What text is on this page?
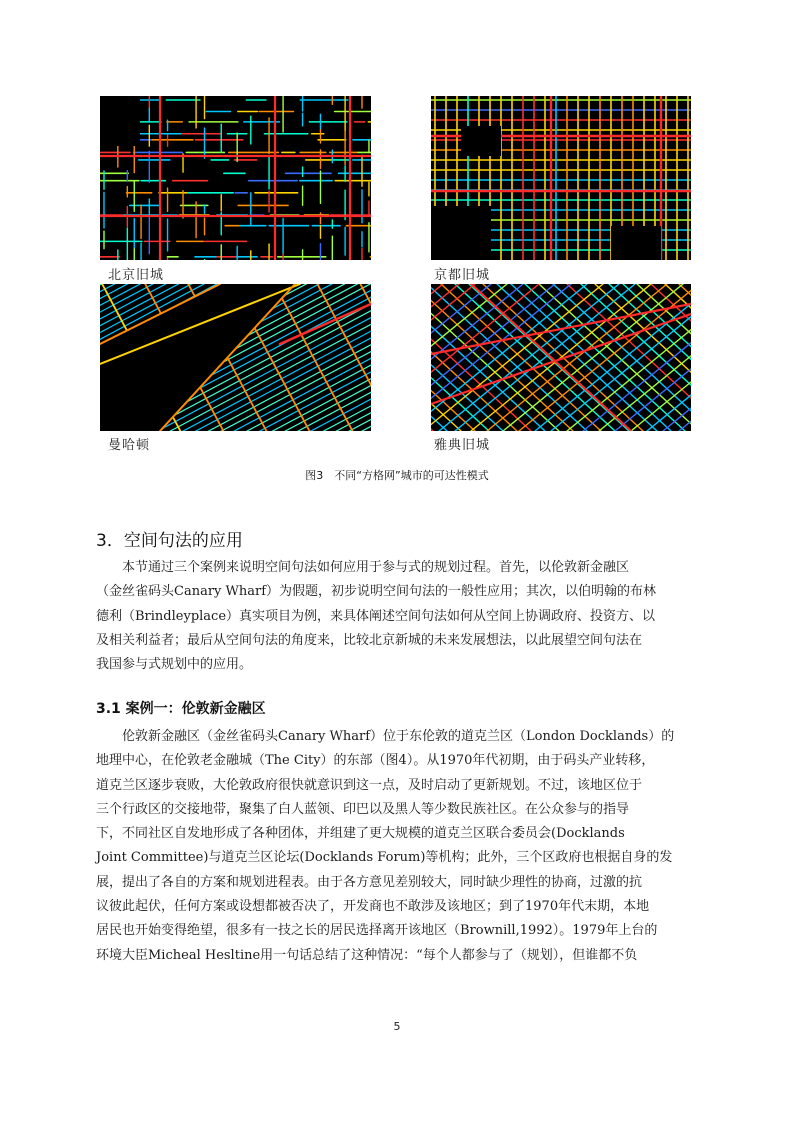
北京旧城	京都旧城
曼哈顿	雅典旧城
图3　不同“方格网”城市的可达性模式
3．空间句法的应用
本节通过三个案例来说明空间句法如何应用于参与式的规划过程。首先，以伦敦新金融区
（金丝雀码头Canary Wharf）为假题，初步说明空间句法的一般性应用；其次，以伯明翰的布林
德利（Brindleyplace）真实项目为例，来具体阐述空间句法如何从空间上协调政府、投资方、以
及相关利益者；最后从空间句法的角度来，比较北京新城的未来发展想法，以此展望空间句法在
我国参与式规划中的应用。
3.1 案例一：伦敦新金融区
伦敦新金融区（金丝雀码头Canary Wharf）位于东伦敦的道克兰区（London Docklands）的
地理中心，在伦敦老金融城（The City）的东部（图4）。从1970年代初期，由于码头产业转移，
道克兰区逐步衰败，大伦敦政府很快就意识到这一点，及时启动了更新规划。不过，该地区位于
三个行政区的交接地带，聚集了白人蓝领、印巴以及黑人等少数民族社区。在公众参与的指导
下，不同社区自发地形成了各种团体，并组建了更大规模的道克兰区联合委员会(Docklands
Joint Committee)与道克兰区论坛(Docklands Forum)等机构；此外，三个区政府也根据自身的发
展，提出了各自的方案和规划进程表。由于各方意见差别较大，同时缺少理性的协商，过激的抗
议彼此起伏，任何方案或设想都被否决了，开发商也不敢涉及该地区；到了1970年代末期，本地
居民也开始变得绝望，很多有一技之长的居民选择离开该地区（Brownill,1992）。1979年上台的
环境大臣Micheal Hesltine用一句话总结了这种情况：“每个人都参与了（规划），但谁都不负
5
